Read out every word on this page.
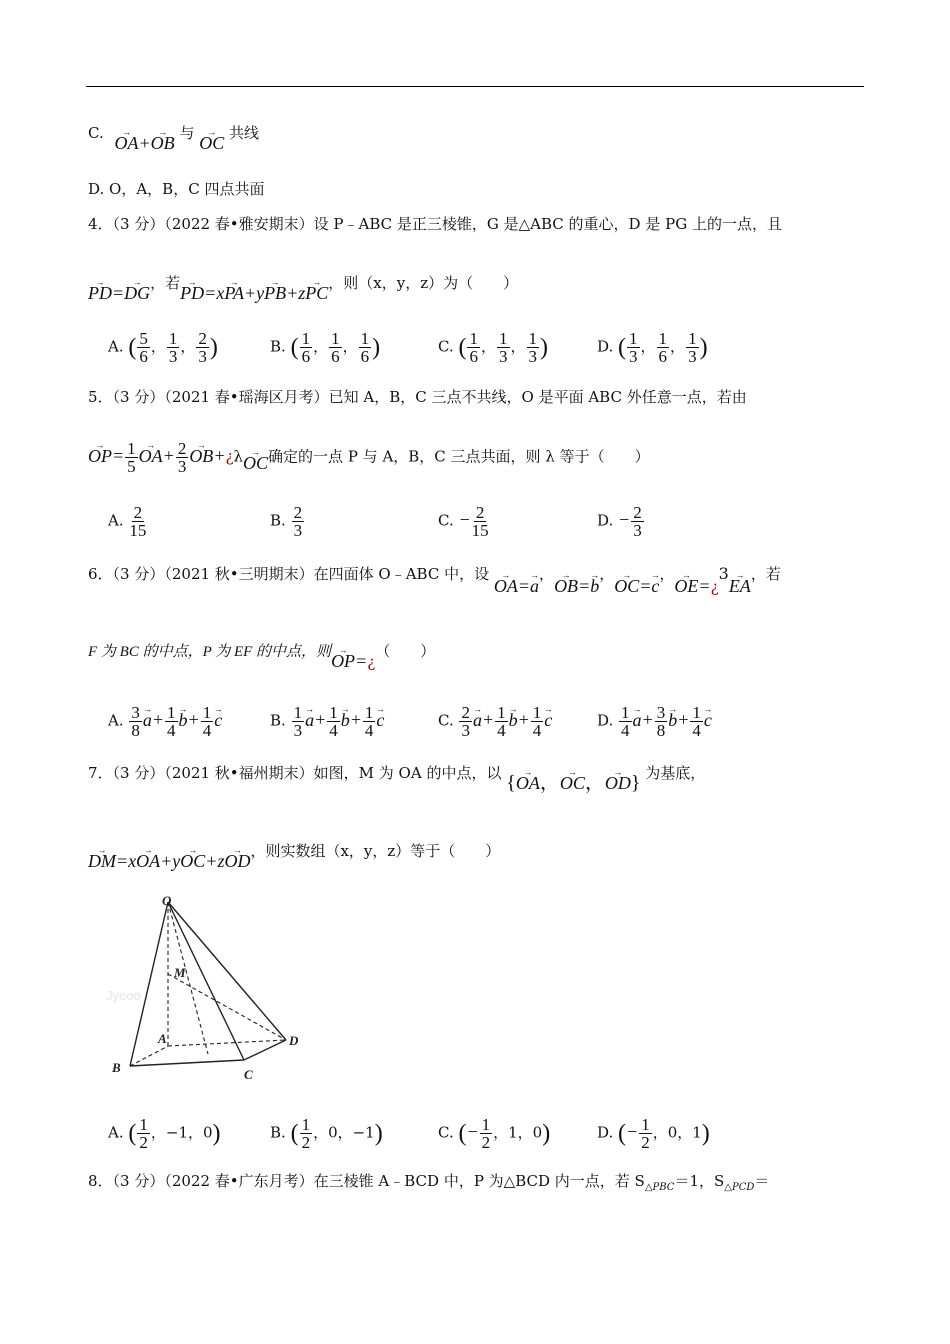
C. → OA+→ OB 与 → OC 共线
D. O，A，B，C 四点共面
4．（3 分）（2022 春•雅安期末）设 P﹣ABC 是正三棱锥，G 是△ABC 的重心，D 是 PG 上的一点，且
→ PD=→ DG，若→ PD=x→ PA+y→ PB+z→ PC，则（x，y，z）为（　　）
A. ( $\frac{5}{6}$ ， $\frac{1}{3}$ ， $\frac{2}{3}$ )	B. ( $\frac{1}{6}$ ， $\frac{1}{6}$ ， $\frac{1}{6}$ )	C. ( $\frac{1}{6}$ ， $\frac{1}{3}$ ， $\frac{1}{3}$ )	D. ( $\frac{1}{3}$ ， $\frac{1}{6}$ ， $\frac{1}{3}$ )
5．（3 分）（2021 春•瑶海区月考）已知 A，B，C 三点不共线，O 是平面 ABC 外任意一点，若由
→ $OP= \frac{1}{5} \to OA+ \frac{2}{3}$ → OB+¿λ→ OC确定的一点 P 与 A，B，C 三点共面，则 λ 等于（　　）
A. $\frac{2}{15}$	B. $\frac{2}{3}$	C. − $\frac{2}{15}$	D. − $\frac{2}{3}$
6．（3 分）（2021 秋•三明期末）在四面体 O﹣ABC 中，设 → OA=→ a，→ OB=→ b，→ OC=→ c，→ OE=¿3→ EA，若
F 为 BC 的中点，P 为 EF 的中点，则→ OP=¿（　　）
A. $\frac{3}{8} \to a+ \frac{1}{4} \to b+ \frac{1}{4} \to c$	B. $\frac{1}{3} \to a+ \frac{1}{4} \to b+ \frac{1}{4} \to c$	C. $\frac{2}{3} \to a+ \frac{1}{4} \to b+ \frac{1}{4} \to c$	D. $\frac{1}{4} \to a+ \frac{3}{8} \to b+ \frac{1}{4} \to c$
7．（3 分）（2021 秋•福州期末）如图，M 为 OA 的中点，以 {→ OA，→ OC，→ OD} 为基底，
→ DM=x→ OA+y→ OC+z→ OD，则实数组（x，y，z）等于（　　）
Jyeoo
O
M
A
B	C
D
A. ( $\frac{1}{2}$ ，−1，0)	B. ( $\frac{1}{2}$ ，0，−1)	C. (− $\frac{1}{2}$ ，1，0)	D. (− $\frac{1}{2}$ ，0，1)
8．（3 分）（2022 春•广东月考）在三棱锥 A﹣BCD 中，P 为△BCD 内一点，若 $S_{\triangle PBC}=1$，$S_{\triangle PCD}=$
